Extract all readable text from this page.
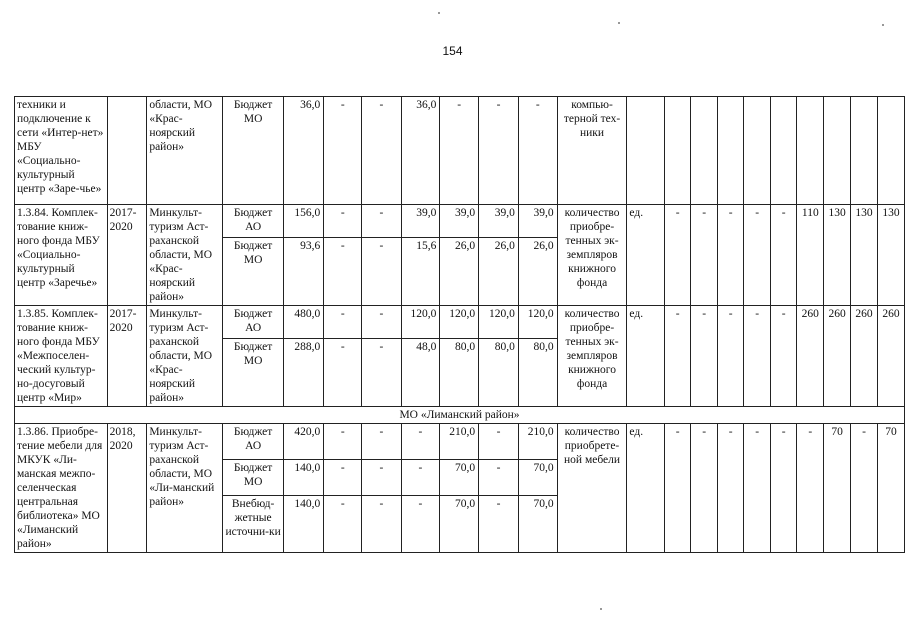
154
техники и подключение к сети «Интер-нет» МБУ «Социально-культурный центр «Заре-чье»		области, МО «Крас-ноярский район»	Бюджет МО	36,0	-	-	36,0	-	-	-	компью-терной тех-ники										
1.3.84. Комплек-тование книж-ного фонда МБУ «Социально-культурный центр «Заречье»	2017-2020	Минкульт-туризм Аст-раханской области, МО «Крас-ноярский район»	Бюджет АО	156,0	-	-	39,0	39,0	39,0	39,0	количество приобре-тенных эк-земпляров книжного фонда	ед.	-	-	-	-	-	110	130	130	130
			Бюджет МО	93,6	-	-	15,6	26,0	26,0	26,0											
1.3.85. Комплек-тование книж-ного фонда МБУ «Межпоселен-ческий культур-но-досуговый центр «Мир»	2017-2020	Минкульт-туризм Аст-раханской области, МО «Крас-ноярский район»	Бюджет АО	480,0	-	-	120,0	120,0	120,0	120,0	количество приобре-тенных эк-земпляров книжного фонда	ед.	-	-	-	-	-	260	260	260	260
			Бюджет МО	288,0	-	-	48,0	80,0	80,0	80,0											
МО «Лиманский район»																					
1.3.86. Приобре-тение мебели для МКУК «Ли-манская межпо-селенческая центральная библиотека» МО «Лиманский район»	2018, 2020	Минкульт-туризм Аст-раханской области, МО «Ли-манский район»	Бюджет АО	420,0	-	-	-	210,0	-	210,0	количество приобрете-ной мебели	ед.	-	-	-	-	-	-	70	-	70
			Бюджет МО	140,0	-	-	-	70,0	-	70,0											
			Внебюд-жетные источни-ки	140,0	-	-	-	70,0	-	70,0											
